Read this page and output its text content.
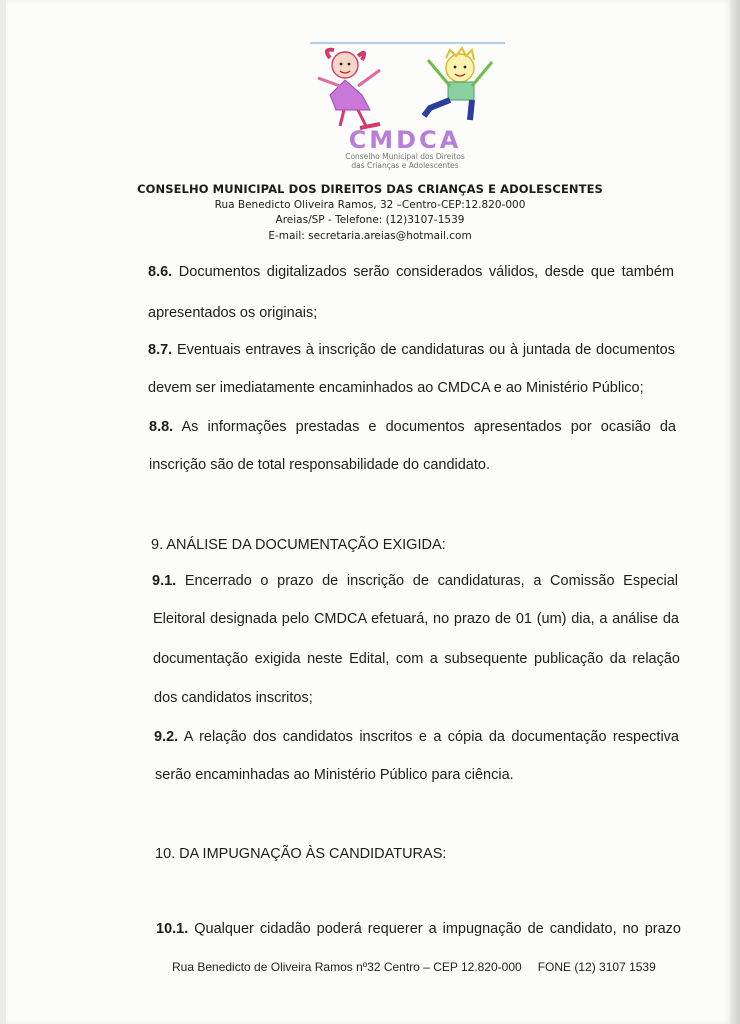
CMDCA
Conselho Municipal dos Direitos
das Crianças e Adolescentes
CONSELHO MUNICIPAL DOS DIREITOS DAS CRIANÇAS E ADOLESCENTES
Rua Benedicto Oliveira Ramos, 32 –Centro-CEP:12.820-000
Areias/SP - Telefone: (12)3107-1539
E-mail: secretaria.areias@hotmail.com
8.6. Documentos digitalizados serão considerados válidos, desde que também
apresentados os originais;
8.7. Eventuais entraves à inscrição de candidaturas ou à juntada de documentos
devem ser imediatamente encaminhados ao CMDCA e ao Ministério Público;
8.8. As informações prestadas e documentos apresentados por ocasião da
inscrição são de total responsabilidade do candidato.
9. ANÁLISE DA DOCUMENTAÇÃO EXIGIDA:
9.1. Encerrado o prazo de inscrição de candidaturas, a Comissão Especial
Eleitoral designada pelo CMDCA efetuará, no prazo de 01 (um) dia, a análise da
documentação exigida neste Edital, com a subsequente publicação da relação
dos candidatos inscritos;
9.2. A relação dos candidatos inscritos e a cópia da documentação respectiva
serão encaminhadas ao Ministério Público para ciência.
10. DA IMPUGNAÇÃO ÀS CANDIDATURAS:
10.1. Qualquer cidadão poderá requerer a impugnação de candidato, no prazo
Rua Benedicto de Oliveira Ramos nº32 Centro – CEP 12.820-000 FONE (12) 3107 1539
